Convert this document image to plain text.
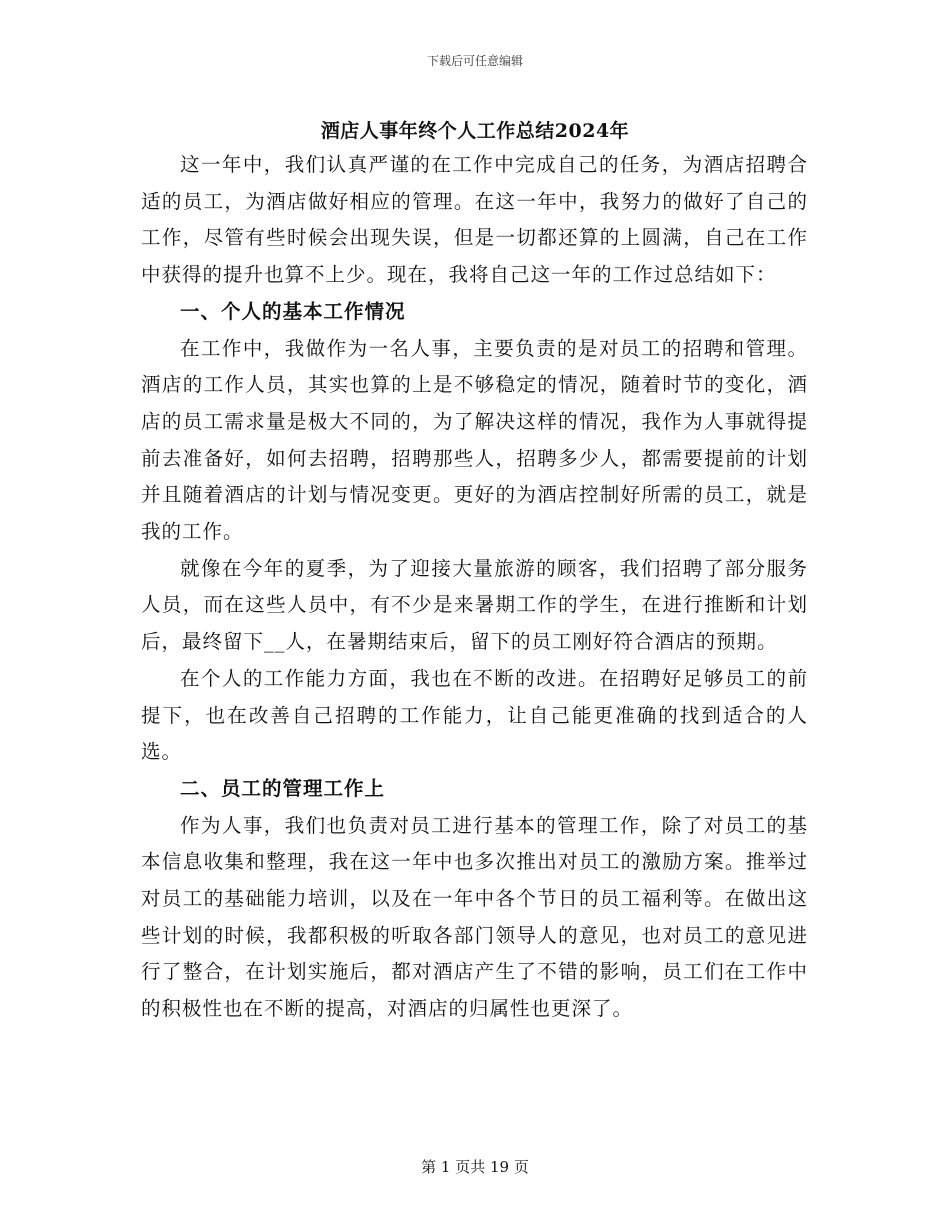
下载后可任意编辑
酒店人事年终个人工作总结2024年

这一年中，我们认真严谨的在工作中完成自己的任务，为酒店招聘合适的员工，为酒店做好相应的管理。在这一年中，我努力的做好了自己的工作，尽管有些时候会出现失误，但是一切都还算的上圆满，自己在工作中获得的提升也算不上少。现在，我将自己这一年的工作过总结如下：

一、个人的基本工作情况

在工作中，我做作为一名人事，主要负责的是对员工的招聘和管理。酒店的工作人员，其实也算的上是不够稳定的情况，随着时节的变化，酒店的员工需求量是极大不同的，为了解决这样的情况，我作为人事就得提前去准备好，如何去招聘，招聘那些人，招聘多少人，都需要提前的计划并且随着酒店的计划与情况变更。更好的为酒店控制好所需的员工，就是我的工作。

就像在今年的夏季，为了迎接大量旅游的顾客，我们招聘了部分服务人员，而在这些人员中，有不少是来暑期工作的学生，在进行推断和计划后，最终留下__人，在暑期结束后，留下的员工刚好符合酒店的预期。

在个人的工作能力方面，我也在不断的改进。在招聘好足够员工的前提下，也在改善自己招聘的工作能力，让自己能更准确的找到适合的人选。

二、员工的管理工作上

作为人事，我们也负责对员工进行基本的管理工作，除了对员工的基本信息收集和整理，我在这一年中也多次推出对员工的激励方案。推举过对员工的基础能力培训，以及在一年中各个节日的员工福利等。在做出这些计划的时候，我都积极的听取各部门领导人的意见，也对员工的意见进行了整合，在计划实施后，都对酒店产生了不错的影响，员工们在工作中的积极性也在不断的提高，对酒店的归属性也更深了。

第 1 页共 19 页
